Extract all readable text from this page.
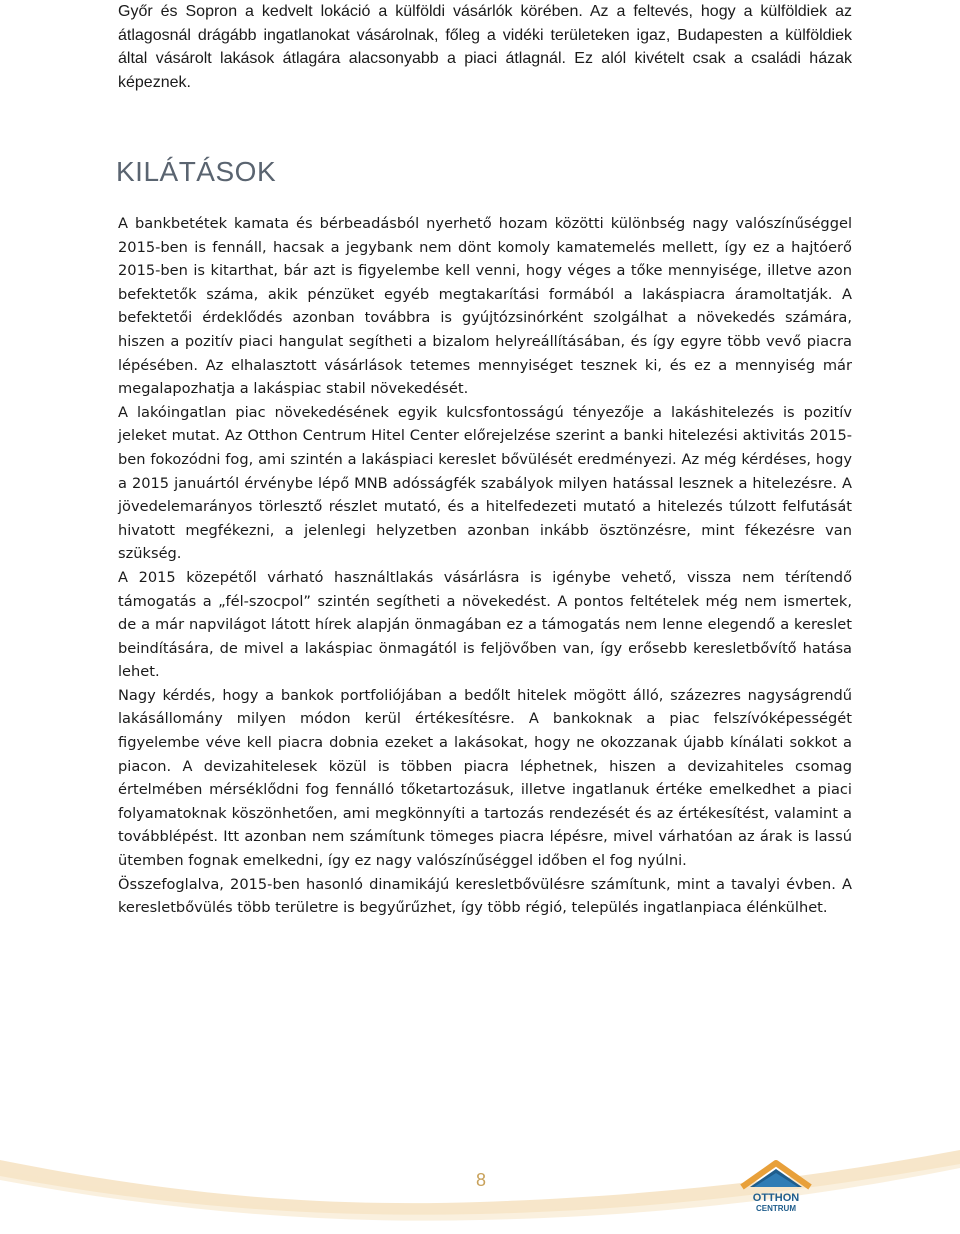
Győr és Sopron a kedvelt lokáció a külföldi vásárlók körében. Az a feltevés, hogy a külföldiek az átlagosnál drágább ingatlanokat vásárolnak, főleg a vidéki területeken igaz, Budapesten a külföldiek által vásárolt lakások átlagára alacsonyabb a piaci átlagnál. Ez alól kivételt csak a családi házak képeznek.
KILÁTÁSOK

A bankbetétek kamata és bérbeadásból nyerhető hozam közötti különbség nagy valószínűséggel 2015-ben is fennáll, hacsak a jegybank nem dönt komoly kamatemelés mellett, így ez a hajtóerő 2015-ben is kitarthat, bár azt is figyelembe kell venni, hogy véges a tőke mennyisége, illetve azon befektetők száma, akik pénzüket egyéb megtakarítási formából a lakáspiacra áramoltatják. A befektetői érdeklődés azonban továbbra is gyújtózsinórként szolgálhat a növekedés számára, hiszen a pozitív piaci hangulat segítheti a bizalom helyreállításában, és így egyre több vevő piacra lépésében. Az elhalasztott vásárlások tetemes mennyiséget tesznek ki, és ez a mennyiség már megalapozhatja a lakáspiac stabil növekedését.

A lakóingatlan piac növekedésének egyik kulcsfontosságú tényezője a lakáshitelezés is pozitív jeleket mutat. Az Otthon Centrum Hitel Center előrejelzése szerint a banki hitelezési aktivitás 2015-ben fokozódni fog, ami szintén a lakáspiaci kereslet bővülését eredményezi. Az még kérdéses, hogy a 2015 januártól érvénybe lépő MNB adósságfék szabályok milyen hatással lesznek a hitelezésre. A jövedelemarányos törlesztő részlet mutató, és a hitelfedezeti mutató a hitelezés túlzott felfutását hivatott megfékezni, a jelenlegi helyzetben azonban inkább ösztönzésre, mint fékezésre van szükség.

A 2015 közepétől várható használtlakás vásárlásra is igénybe vehető, vissza nem térítendő támogatás a „fél-szocpol” szintén segítheti a növekedést. A pontos feltételek még nem ismertek, de a már napvilágot látott hírek alapján önmagában ez a támogatás nem lenne elegendő a kereslet beindítására, de mivel a lakáspiac önmagától is feljövőben van, így erősebb keresletbővítő hatása lehet.

Nagy kérdés, hogy a bankok portfoliójában a bedőlt hitelek mögött álló, százezres nagyságrendű lakásállomány milyen módon kerül értékesítésre. A bankoknak a piac felszívóképességét figyelembe véve kell piacra dobnia ezeket a lakásokat, hogy ne okozzanak újabb kínálati sokkot a piacon. A devizahitelesek közül is többen piacra léphetnek, hiszen a devizahiteles csomag értelmében mérséklődni fog fennálló tőketartozásuk, illetve ingatlanuk értéke emelkedhet a piaci folyamatoknak köszönhetően, ami megkönnyíti a tartozás rendezését és az értékesítést, valamint a továbblépést. Itt azonban nem számítunk tömeges piacra lépésre, mivel várhatóan az árak is lassú ütemben fognak emelkedni, így ez nagy valószínűséggel időben el fog nyúlni.

Összefoglalva, 2015-ben hasonló dinamikájú keresletbővülésre számítunk, mint a tavalyi évben. A keresletbővülés több területre is begyűrűzhet, így több régió, település ingatlanpiaca élénkülhet.

8
OTTHON
CENTRUM
